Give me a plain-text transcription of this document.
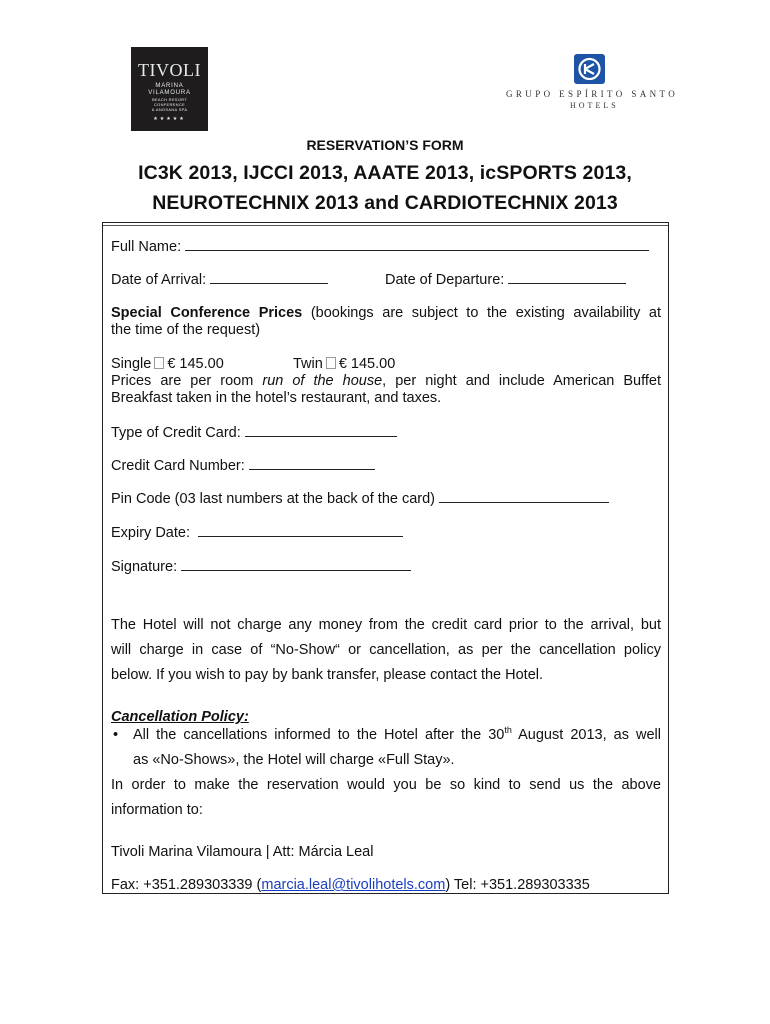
TIVOLI
MARINA
VILAMOURA
BEACH RESORT
CONFERENCE
& ANGSANA SPA
★★★★★
GRUPO ESPÍRITO SANTO
HOTELS
RESERVATION’S FORM
IC3K 2013, IJCCI 2013, AAATE 2013, icSPORTS 2013,
NEUROTECHNIX 2013 and CARDIOTECHNIX 2013
Full Name:
Date of Arrival:	Date of Departure:
Special Conference Prices (bookings are subject to the existing availability at
the time of the request)
Single € 145.00	Twin € 145.00
Prices are per room run of the house, per night and include American Buffet
Breakfast taken in the hotel’s restaurant, and taxes.
Type of Credit Card:
Credit Card Number:
Pin Code (03 last numbers at the back of the card)
Expiry Date:
Signature:
The Hotel will not charge any money from the credit card prior to the arrival, but
will charge in case of “No-Show“ or cancellation, as per the cancellation policy
below. If you wish to pay by bank transfer, please contact the Hotel.
Cancellation Policy:
• All the cancellations informed to the Hotel after the 30th August 2013, as well
as «No-Shows», the Hotel will charge «Full Stay».
In order to make the reservation would you be so kind to send us the above
information to:
Tivoli Marina Vilamoura | Att: Márcia Leal
Fax: +351.289303339 (marcia.leal@tivolihotels.com) Tel: +351.289303335
